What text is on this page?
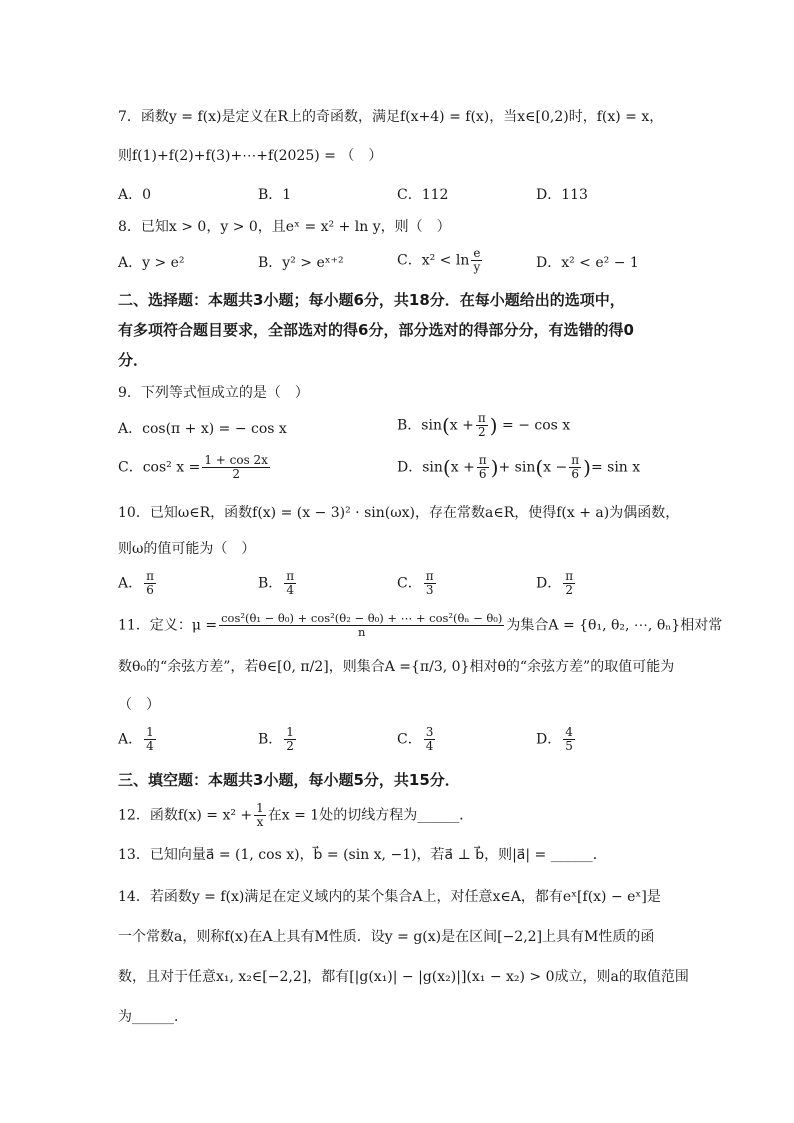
7．函数y = f(x)是定义在R上的奇函数，满足f(x+4) = f(x)，当x∈[0,2)时，f(x) = x，
则f(1)+f(2)+f(3)+⋯+f(2025) = （　）
A．0	B．1	C．112	D．113
8．已知x > 0，y > 0，且eˣ = x² + ln y，则（　）
A．y > e²	B．y² > eˣ⁺²	C．$x^2 < \ln \frac{e}{y}$	D．x² < e² − 1
二、选择题：本题共3小题；每小题6分，共18分．在每小题给出的选项中，
有多项符合题目要求，全部选对的得6分，部分选对的得部分分，有选错的得0
分．
9．下列等式恒成立的是（　）
A．cos(π + x) = − cos x	B．$\sin(x + \frac{\pi}{2}$ ) = − cos x
C．cos² $x = \frac{1 + \cos 2x}{2}$	D．$\sin(x + \frac{\pi}{6}$ )+ $\sin(x - \frac{\pi}{6}$ )= sin x
10．已知ω∈R，函数f(x) = (x − 3)² · sin(ωx)，存在常数a∈R，使得f(x + a)为偶函数，
则ω的值可能为（　）
A． $\frac{\pi}{6}$	B． $\frac{\pi}{4}$	C． $\frac{\pi}{3}$	D． $\frac{\pi}{2}$
11．定义：$\mu = \frac{\text{cos²(θ₁ − θ₀) + cos²(θ₂ − θ₀) + ⋯ + cos²(θₙ − θ₀)}}{n}$ 为集合A = {θ₁, θ₂, ⋯, θₙ}相对常
数θ₀的“余弦方差”，若θ∈[0, π/2]，则集合A ={π/3, 0}相对θ的“余弦方差”的取值可能为
（　）
A． $\frac{1}{4}$	B． $\frac{1}{2}$	C． $\frac{3}{4}$	D． $\frac{4}{5}$
三、填空题：本题共3小题，每小题5分，共15分．
12．函数$f(x) = x^2 + \frac{1}{x}$ 在x = 1处的切线方程为______．
13．已知向量a⃗ = (1, cos x)，b⃗ = (sin x, −1)，若a⃗ ⊥ b⃗，则|a⃗| = ______．
14．若函数y = f(x)满足在定义域内的某个集合A上，对任意x∈A，都有eˣ[f(x) − eˣ]是
一个常数a，则称f(x)在A上具有M性质．设y = g(x)是在区间[−2,2]上具有M性质的函
数，且对于任意x₁, x₂∈[−2,2]，都有[|g(x₁)| − |g(x₂)|](x₁ − x₂) > 0成立，则a的取值范围
为______．
